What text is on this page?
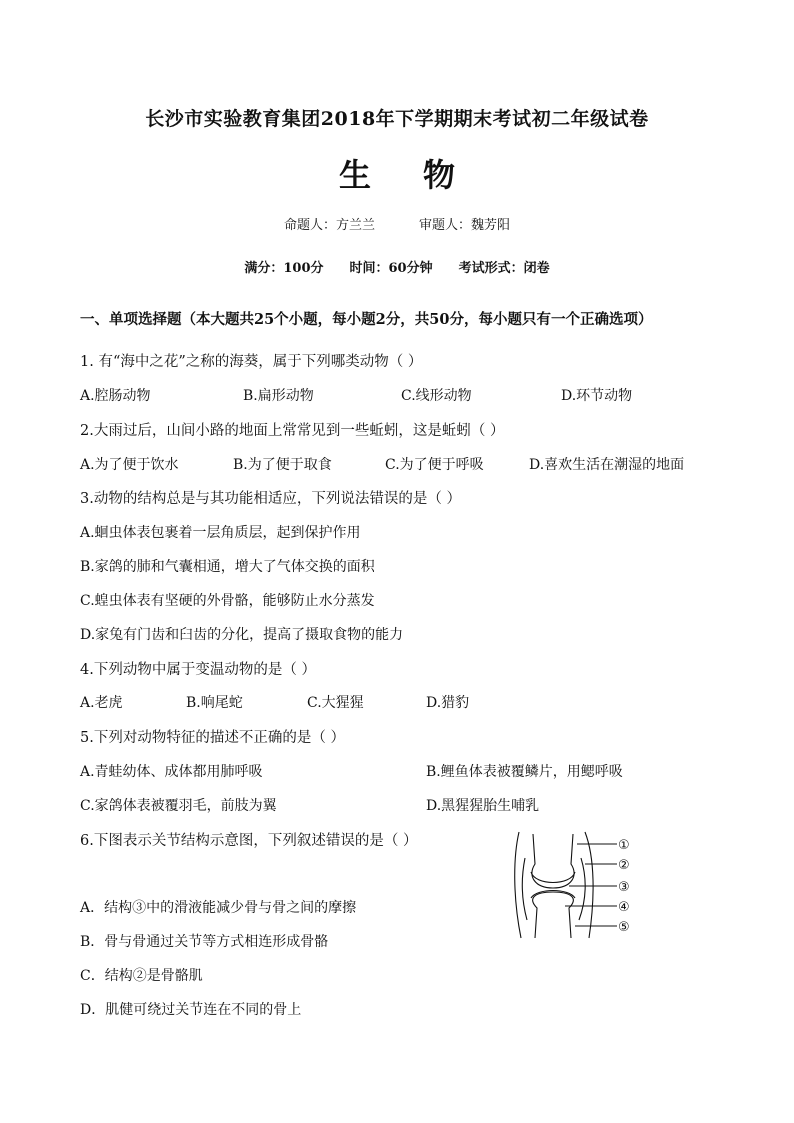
长沙市实验教育集团2018年下学期期末考试初二年级试卷
生 物
命题人：方兰兰	审题人：魏芳阳
满分：100分 时间：60分钟 考试形式：闭卷
一、单项选择题（本大题共25个小题，每小题2分，共50分，每小题只有一个正确选项）
1. 有“海中之花”之称的海葵，属于下列哪类动物（ ）
A.腔肠动物	B.扁形动物	C.线形动物	D.环节动物
2.大雨过后，山间小路的地面上常常见到一些蚯蚓，这是蚯蚓（ ）
A.为了便于饮水	B.为了便于取食	C.为了便于呼吸	D.喜欢生活在潮湿的地面
3.动物的结构总是与其功能相适应，下列说法错误的是（ ）
A.蛔虫体表包裹着一层角质层，起到保护作用
B.家鸽的肺和气囊相通，增大了气体交换的面积
C.蝗虫体表有坚硬的外骨骼，能够防止水分蒸发
D.家兔有门齿和臼齿的分化，提高了摄取食物的能力
4.下列动物中属于变温动物的是（ ）
A.老虎	B.响尾蛇	C.大猩猩	D.猎豹
5.下列对动物特征的描述不正确的是（ ）
A.青蛙幼体、成体都用肺呼吸	B.鲤鱼体表被覆鳞片，用鳃呼吸
C.家鸽体表被覆羽毛，前肢为翼	D.黑猩猩胎生哺乳
6.下图表示关节结构示意图，下列叙述错误的是（ ）
A．结构③中的滑液能减少骨与骨之间的摩擦
B．骨与骨通过关节等方式相连形成骨骼
C．结构②是骨骼肌
D．肌健可绕过关节连在不同的骨上
①
②
③
④
⑤
